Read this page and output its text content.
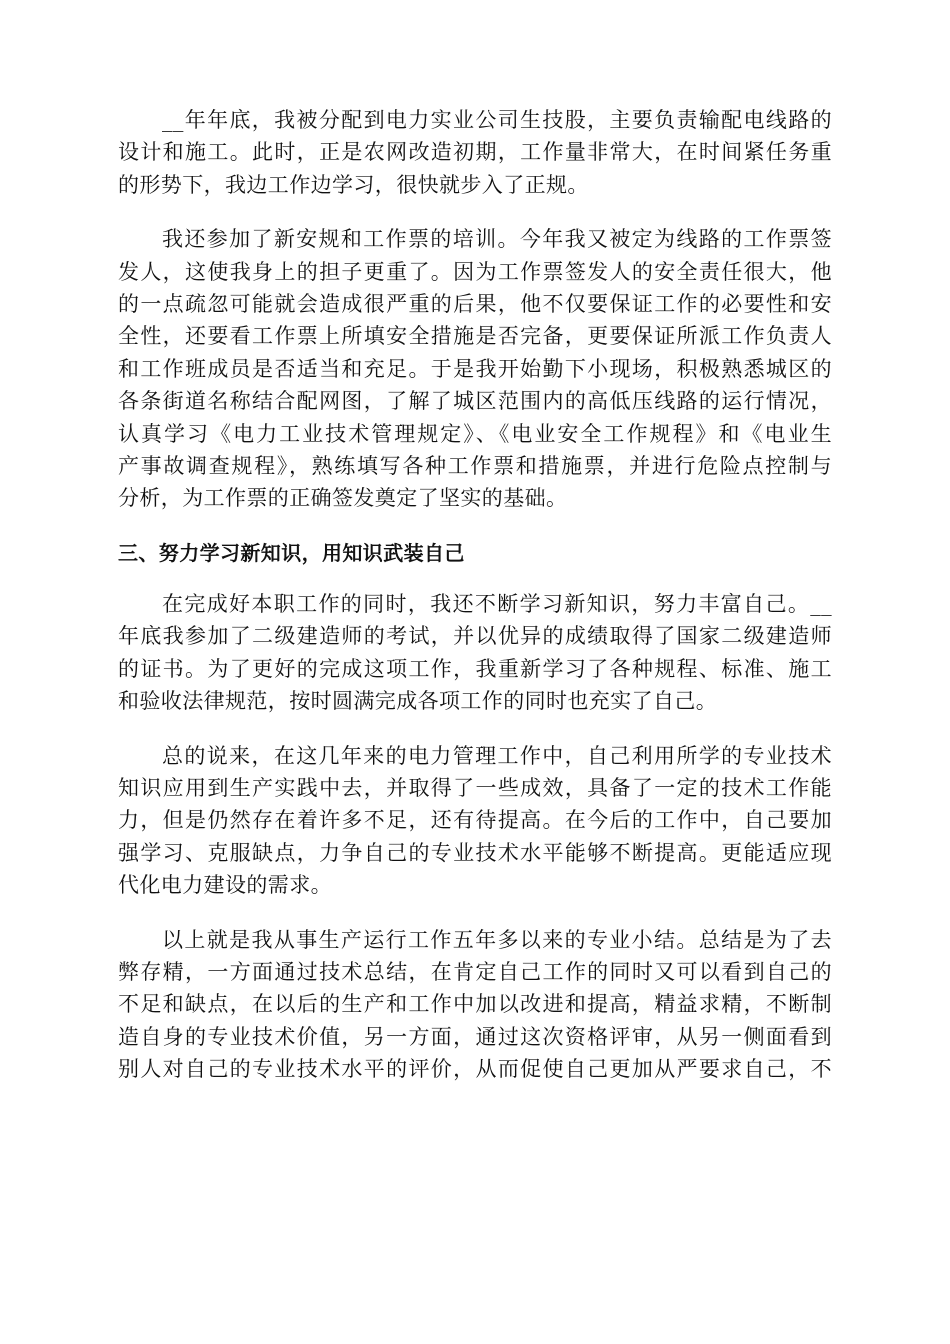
__年年底，我被分配到电力实业公司生技股，主要负责输配电线路的
设计和施工。此时，正是农网改造初期，工作量非常大，在时间紧任务重
的形势下，我边工作边学习，很快就步入了正规。

我还参加了新安规和工作票的培训。今年我又被定为线路的工作票签
发人，这使我身上的担子更重了。因为工作票签发人的安全责任很大，他
的一点疏忽可能就会造成很严重的后果，他不仅要保证工作的必要性和安
全性，还要看工作票上所填安全措施是否完备，更要保证所派工作负责人
和工作班成员是否适当和充足。于是我开始勤下小现场，积极熟悉城区的
各条街道名称结合配网图，了解了城区范围内的高低压线路的运行情况，
认真学习《电力工业技术管理规定》、《电业安全工作规程》和《电业生
产事故调查规程》，熟练填写各种工作票和措施票，并进行危险点控制与
分析，为工作票的正确签发奠定了坚实的基础。

三、努力学习新知识，用知识武装自己

在完成好本职工作的同时，我还不断学习新知识，努力丰富自己。__
年底我参加了二级建造师的考试，并以优异的成绩取得了国家二级建造师
的证书。为了更好的完成这项工作，我重新学习了各种规程、标准、施工
和验收法律规范，按时圆满完成各项工作的同时也充实了自己。

总的说来，在这几年来的电力管理工作中，自己利用所学的专业技术
知识应用到生产实践中去，并取得了一些成效，具备了一定的技术工作能
力，但是仍然存在着许多不足，还有待提高。在今后的工作中，自己要加
强学习、克服缺点，力争自己的专业技术水平能够不断提高。更能适应现
代化电力建设的需求。

以上就是我从事生产运行工作五年多以来的专业小结。总结是为了去
弊存精，一方面通过技术总结，在肯定自己工作的同时又可以看到自己的
不足和缺点，在以后的生产和工作中加以改进和提高，精益求精，不断制
造自身的专业技术价值，另一方面，通过这次资格评审，从另一侧面看到
别人对自己的专业技术水平的评价，从而促使自己更加从严要求自己，不
